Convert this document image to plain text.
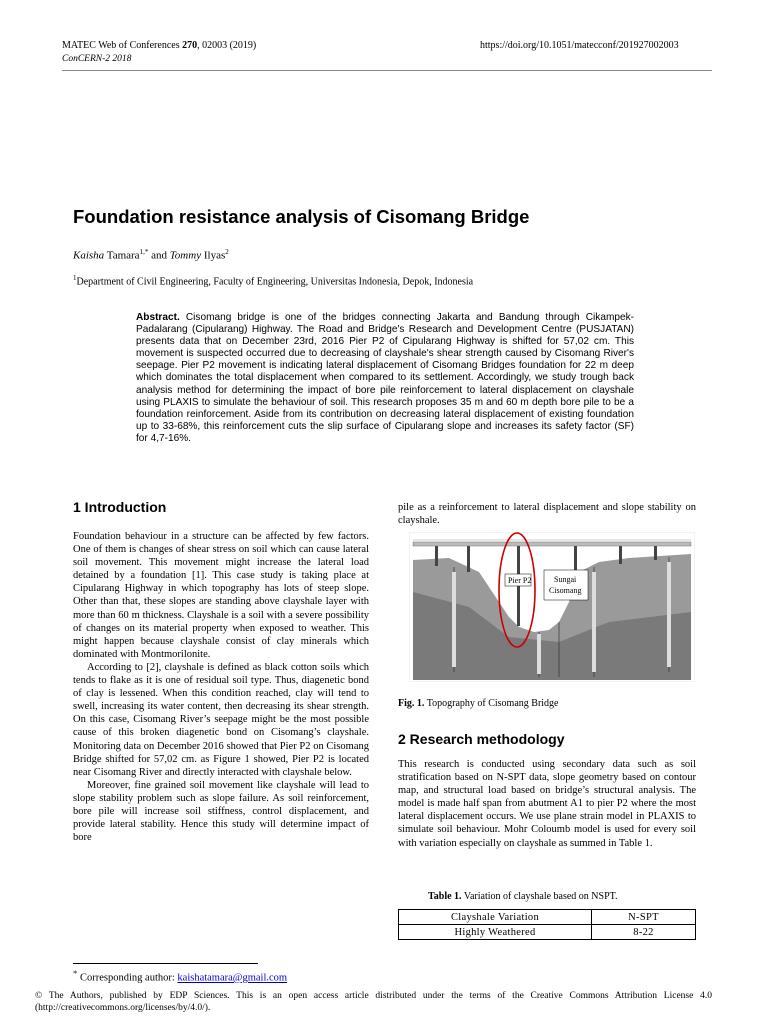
MATEC Web of Conferences 270, 02003 (2019)
ConCERN-2 2018
https://doi.org/10.1051/matecconf/201927002003
Foundation resistance analysis of Cisomang Bridge
Kaisha Tamara$^{1,*}$ and Tommy Ilyas$^2$
$^1$Department of Civil Engineering, Faculty of Engineering, Universitas Indonesia, Depok, Indonesia
Abstract. Cisomang bridge is one of the bridges connecting Jakarta and Bandung through Cikampek-Padalarang (Cipularang) Highway. The Road and Bridge's Research and Development Centre (PUSJATAN) presents data that on December 23rd, 2016 Pier P2 of Cipularang Highway is shifted for 57,02 cm. This movement is suspected occurred due to decreasing of clayshale's shear strength caused by Cisomang River's seepage. Pier P2 movement is indicating lateral displacement of Cisomang Bridges foundation for 22 m deep which dominates the total displacement when compared to its settlement. Accordingly, we study trough back analysis method for determining the impact of bore pile reinforcement to lateral displacement on clayshale using PLAXIS to simulate the behaviour of soil. This research proposes 35 m and 60 m depth bore pile to be a foundation reinforcement. Aside from its contribution on decreasing lateral displacement of existing foundation up to 33-68%, this reinforcement cuts the slip surface of Cipularang slope and increases its safety factor (SF) for 4,7-16%.
1 Introduction

Foundation behaviour in a structure can be affected by few factors. One of them is changes of shear stress on soil which can cause lateral soil movement. This movement might increase the lateral load detained by a foundation [1]. This case study is taking place at Cipularang Highway in which topography has lots of steep slope. Other than that, these slopes are standing above clayshale layer with more than 60 m thickness. Clayshale is a soil with a severe possibility of changes on its material property when exposed to weather. This might happen because clayshale consist of clay minerals which dominated with Montmorilonite.

According to [2], clayshale is defined as black cotton soils which tends to flake as it is one of residual soil type. Thus, diagenetic bond of clay is lessened. When this condition reached, clay will tend to swell, increasing its water content, then decreasing its shear strength. On this case, Cisomang River’s seepage might be the most possible cause of this broken diagenetic bond on Cisomang’s clayshale. Monitoring data on December 2016 showed that Pier P2 on Cisomang Bridge shifted for 57,02 cm. as Figure 1 showed, Pier P2 is located near Cisomang River and directly interacted with clayshale below.

Moreover, fine grained soil movement like clayshale will lead to slope stability problem such as slope failure. As soil reinforcement, bore pile will increase soil stiffness, control displacement, and provide lateral stability. Hence this study will determine impact of bore

pile as a reinforcement to lateral displacement and slope stability on clayshale.
Pier P2	Sungai
Cisomang
Fig. 1. Topography of Cisomang Bridge
2 Research methodology
This research is conducted using secondary data such as soil stratification based on N-SPT data, slope geometry based on contour map, and structural load based on bridge’s structural analysis. The model is made half span from abutment A1 to pier P2 where the most lateral displacement occurs. We use plane strain model in PLAXIS to simulate soil behaviour. Mohr Coloumb model is used for every soil with variation especially on clayshale as summed in Table 1.
Table 1. Variation of clayshale based on NSPT.
Clayshale Variation	N-SPT
Highly Weathered	8-22
* Corresponding author: kaishatamara@gmail.com
© The Authors, published by EDP Sciences. This is an open access article distributed under the terms of the Creative Commons Attribution License 4.0 (http://creativecommons.org/licenses/by/4.0/).
